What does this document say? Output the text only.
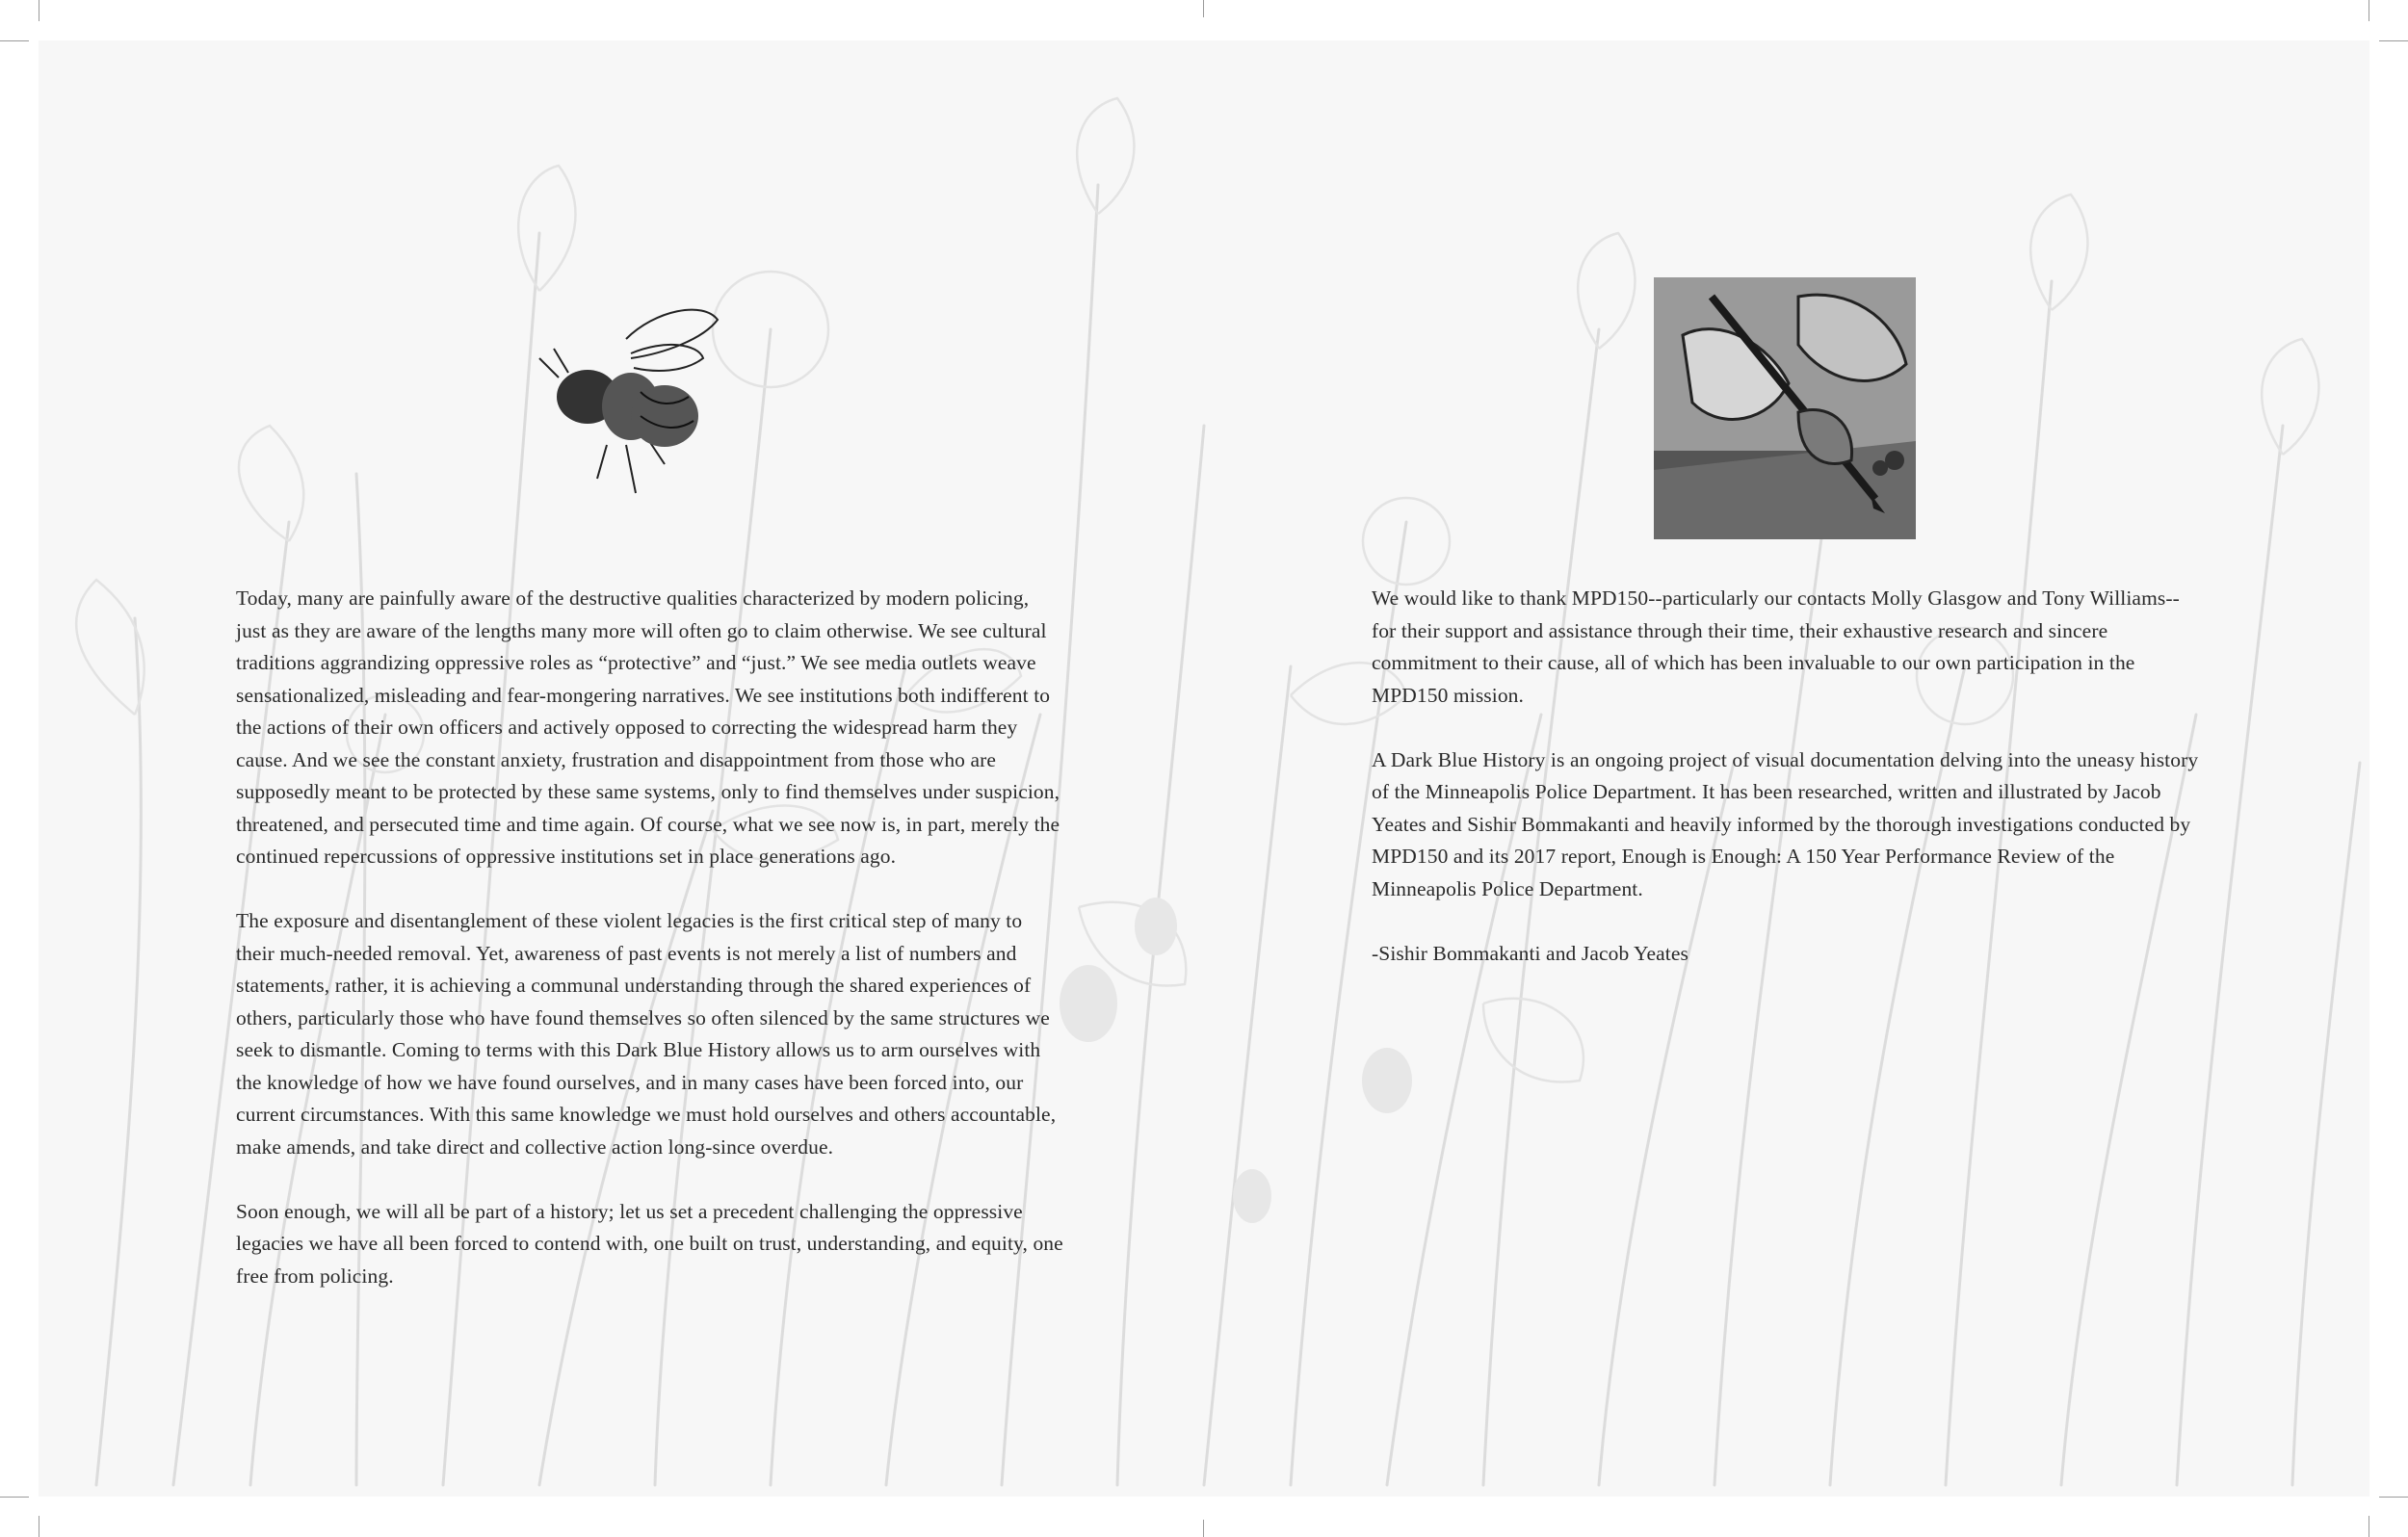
Today, many are painfully aware of the destructive qualities characterized by modern policing, just as they are aware of the lengths many more will often go to claim otherwise. We see cultural traditions aggrandizing oppressive roles as “protective” and “just.” We see media outlets weave sensationalized, misleading and fear-mongering narratives. We see institutions both indifferent to the actions of their own officers and actively opposed to correcting the widespread harm they cause. And we see the constant anxiety, frustration and disappointment from those who are supposedly meant to be protected by these same systems, only to find themselves under suspicion, threatened, and persecuted time and time again. Of course, what we see now is, in part, merely the continued repercussions of oppressive institutions set in place generations ago.

The exposure and disentanglement of these violent legacies is the first critical step of many to their much-needed removal. Yet, awareness of past events is not merely a list of numbers and statements, rather, it is achieving a communal understanding through the shared experiences of others, particularly those who have found themselves so often silenced by the same structures we seek to dismantle. Coming to terms with this Dark Blue History allows us to arm ourselves with the knowledge of how we have found ourselves, and in many cases have been forced into, our current circumstances. With this same knowledge we must hold ourselves and others accountable, make amends, and take direct and collective action long-since overdue.

Soon enough, we will all be part of a history; let us set a precedent challenging the oppressive legacies we have all been forced to contend with, one built on trust, understanding, and equity, one free from policing.

We would like to thank MPD150--particularly our contacts Molly Glasgow and Tony Williams--for their support and assistance through their time, their exhaustive research and sincere commitment to their cause, all of which has been invaluable to our own participation in the MPD150 mission.

A Dark Blue History is an ongoing project of visual documentation delving into the uneasy history of the Minneapolis Police Department. It has been researched, written and illustrated by Jacob Yeates and Sishir Bommakanti and heavily informed by the thorough investigations conducted by MPD150 and its 2017 report, Enough is Enough: A 150 Year Performance Review of the Minneapolis Police Department.

-Sishir Bommakanti and Jacob Yeates
